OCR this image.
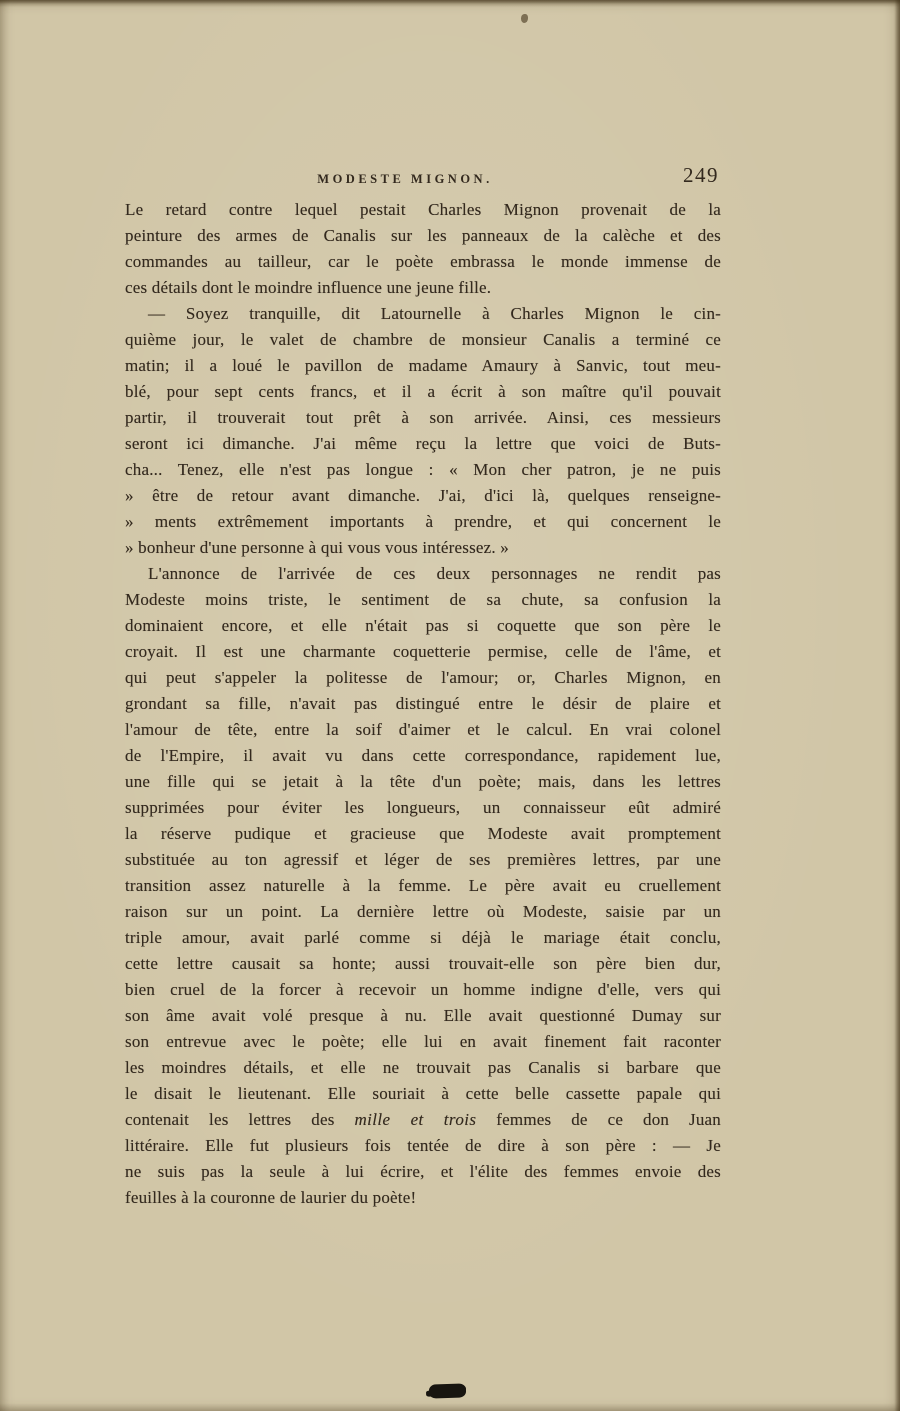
MODESTE MIGNON.	249
Le retard contre lequel pestait Charles Mignon provenait de la
peinture des armes de Canalis sur les panneaux de la calèche et des
commandes au tailleur, car le poète embrassa le monde immense de
ces détails dont le moindre influence une jeune fille.
— Soyez tranquille, dit Latournelle à Charles Mignon le cin-
quième jour, le valet de chambre de monsieur Canalis a terminé ce
matin; il a loué le pavillon de madame Amaury à Sanvic, tout meu-
blé, pour sept cents francs, et il a écrit à son maître qu'il pouvait
partir, il trouverait tout prêt à son arrivée. Ainsi, ces messieurs
seront ici dimanche. J'ai même reçu la lettre que voici de Buts-
cha... Tenez, elle n'est pas longue : « Mon cher patron, je ne puis
» être de retour avant dimanche. J'ai, d'ici là, quelques renseigne-
» ments extrêmement importants à prendre, et qui concernent le
» bonheur d'une personne à qui vous vous intéressez. »
L'annonce de l'arrivée de ces deux personnages ne rendit pas
Modeste moins triste, le sentiment de sa chute, sa confusion la
dominaient encore, et elle n'était pas si coquette que son père le
croyait. Il est une charmante coquetterie permise, celle de l'âme, et
qui peut s'appeler la politesse de l'amour; or, Charles Mignon, en
grondant sa fille, n'avait pas distingué entre le désir de plaire et
l'amour de tête, entre la soif d'aimer et le calcul. En vrai colonel
de l'Empire, il avait vu dans cette correspondance, rapidement lue,
une fille qui se jetait à la tête d'un poète; mais, dans les lettres
supprimées pour éviter les longueurs, un connaisseur eût admiré
la réserve pudique et gracieuse que Modeste avait promptement
substituée au ton agressif et léger de ses premières lettres, par une
transition assez naturelle à la femme. Le père avait eu cruellement
raison sur un point. La dernière lettre où Modeste, saisie par un
triple amour, avait parlé comme si déjà le mariage était conclu,
cette lettre causait sa honte; aussi trouvait-elle son père bien dur,
bien cruel de la forcer à recevoir un homme indigne d'elle, vers qui
son âme avait volé presque à nu. Elle avait questionné Dumay sur
son entrevue avec le poète; elle lui en avait finement fait raconter
les moindres détails, et elle ne trouvait pas Canalis si barbare que
le disait le lieutenant. Elle souriait à cette belle cassette papale qui
contenait les lettres des mille et trois femmes de ce don Juan
littéraire. Elle fut plusieurs fois tentée de dire à son père : — Je
ne suis pas la seule à lui écrire, et l'élite des femmes envoie des
feuilles à la couronne de laurier du poète!
